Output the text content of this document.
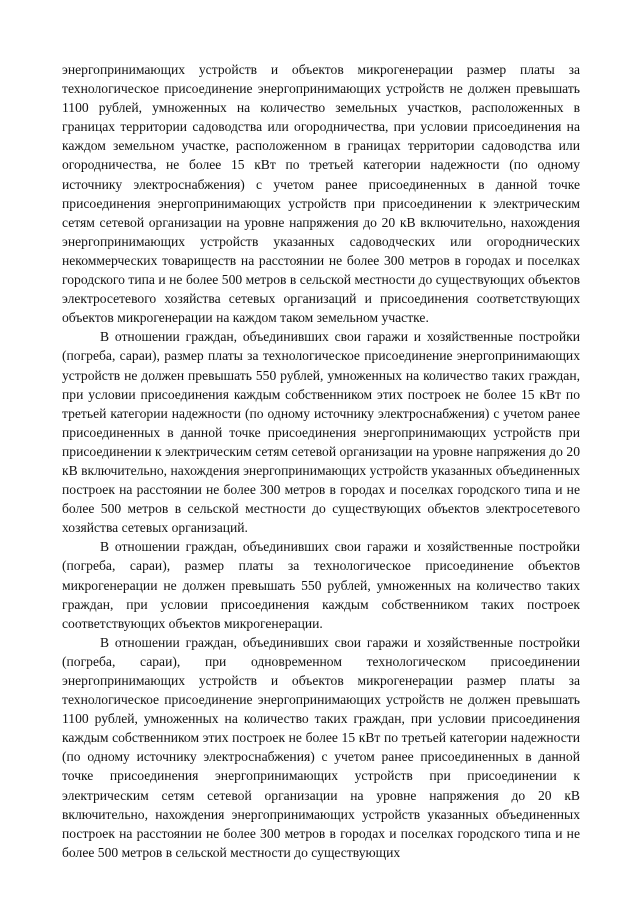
энергопринимающих устройств и объектов микрогенерации размер платы за технологическое присоединение энергопринимающих устройств не должен превышать 1100 рублей, умноженных на количество земельных участков, расположенных в границах территории садоводства или огородничества, при условии присоединения на каждом земельном участке, расположенном в границах территории садоводства или огородничества, не более 15 кВт по третьей категории надежности (по одному источнику электроснабжения) с учетом ранее присоединенных в данной точке присоединения энергопринимающих устройств при присоединении к электрическим сетям сетевой организации на уровне напряжения до 20 кВ включительно, нахождения энергопринимающих устройств указанных садоводческих или огороднических некоммерческих товариществ на расстоянии не более 300 метров в городах и поселках городского типа и не более 500 метров в сельской местности до существующих объектов электросетевого хозяйства сетевых организаций и присоединения соответствующих объектов микрогенерации на каждом таком земельном участке.

В отношении граждан, объединивших свои гаражи и хозяйственные постройки (погреба, сараи), размер платы за технологическое присоединение энергопринимающих устройств не должен превышать 550 рублей, умноженных на количество таких граждан, при условии присоединения каждым собственником этих построек не более 15 кВт по третьей категории надежности (по одному источнику электроснабжения) с учетом ранее присоединенных в данной точке присоединения энергопринимающих устройств при присоединении к электрическим сетям сетевой организации на уровне напряжения до 20 кВ включительно, нахождения энергопринимающих устройств указанных объединенных построек на расстоянии не более 300 метров в городах и поселках городского типа и не более 500 метров в сельской местности до существующих объектов электросетевого хозяйства сетевых организаций.

В отношении граждан, объединивших свои гаражи и хозяйственные постройки (погреба, сараи), размер платы за технологическое присоединение объектов микрогенерации не должен превышать 550 рублей, умноженных на количество таких граждан, при условии присоединения каждым собственником таких построек соответствующих объектов микрогенерации.

В отношении граждан, объединивших свои гаражи и хозяйственные постройки (погреба, сараи), при одновременном технологическом присоединении энергопринимающих устройств и объектов микрогенерации размер платы за технологическое присоединение энергопринимающих устройств не должен превышать 1100 рублей, умноженных на количество таких граждан, при условии присоединения каждым собственником этих построек не более 15 кВт по третьей категории надежности (по одному источнику электроснабжения) с учетом ранее присоединенных в данной точке присоединения энергопринимающих устройств при присоединении к электрическим сетям сетевой организации на уровне напряжения до 20 кВ включительно, нахождения энергопринимающих устройств указанных объединенных построек на расстоянии не более 300 метров в городах и поселках городского типа и не более 500 метров в сельской местности до существующих
